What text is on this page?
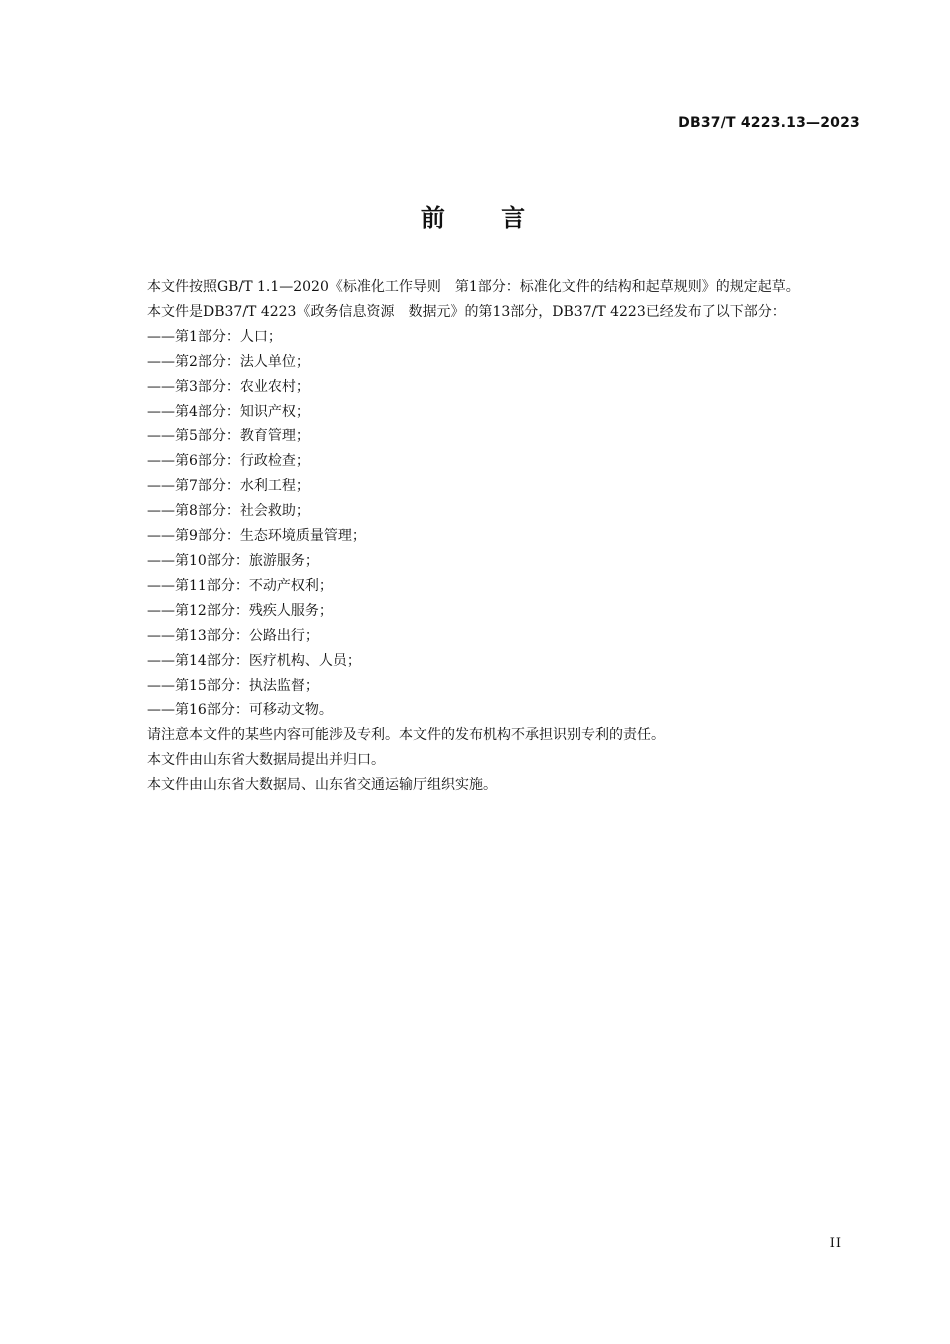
DB37/T 4223.13—2023
前 言

本文件按照GB/T 1.1—2020《标准化工作导则　第1部分：标准化文件的结构和起草规则》的规定起草。

本文件是DB37/T 4223《政务信息资源　数据元》的第13部分，DB37/T 4223已经发布了以下部分：

——第1部分：人口；

——第2部分：法人单位；

——第3部分：农业农村；

——第4部分：知识产权；

——第5部分：教育管理；

——第6部分：行政检查；

——第7部分：水利工程；

——第8部分：社会救助；

——第9部分：生态环境质量管理；

——第10部分：旅游服务；

——第11部分：不动产权利；

——第12部分：残疾人服务；

——第13部分：公路出行；

——第14部分：医疗机构、人员；

——第15部分：执法监督；

——第16部分：可移动文物。

请注意本文件的某些内容可能涉及专利。本文件的发布机构不承担识别专利的责任。

本文件由山东省大数据局提出并归口。

本文件由山东省大数据局、山东省交通运输厅组织实施。

II
